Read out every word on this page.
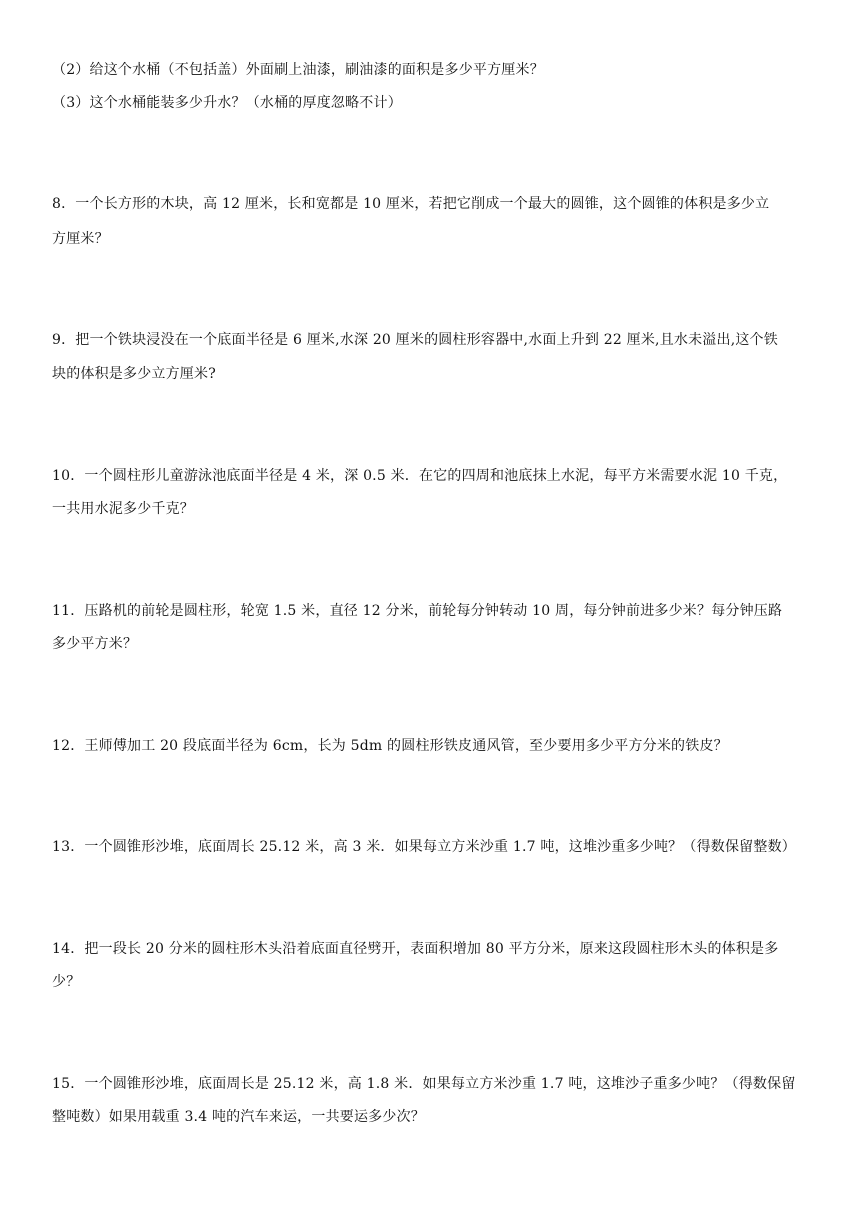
（2）给这个水桶（不包括盖）外面刷上油漆，刷油漆的面积是多少平方厘米？
（3）这个水桶能装多少升水？（水桶的厚度忽略不计）
8．一个长方形的木块，高 12 厘米，长和宽都是 10 厘米，若把它削成一个最大的圆锥，这个圆锥的体积是多少立
方厘米？
9．把一个铁块浸没在一个底面半径是 6 厘米,水深 20 厘米的圆柱形容器中,水面上升到 22 厘米,且水未溢出,这个铁
块的体积是多少立方厘米?
10．一个圆柱形儿童游泳池底面半径是 4 米，深 0.5 米．在它的四周和池底抹上水泥，每平方米需要水泥 10 千克，
一共用水泥多少千克？
11．压路机的前轮是圆柱形，轮宽 1.5 米，直径 12 分米，前轮每分钟转动 10 周，每分钟前进多少米？每分钟压路
多少平方米？
12．王师傅加工 20 段底面半径为 6cm，长为 5dm 的圆柱形铁皮通风管，至少要用多少平方分米的铁皮？
13．一个圆锥形沙堆，底面周长 25.12 米，高 3 米．如果每立方米沙重 1.7 吨，这堆沙重多少吨？（得数保留整数）
14．把一段长 20 分米的圆柱形木头沿着底面直径劈开，表面积增加 80 平方分米，原来这段圆柱形木头的体积是多
少？
15．一个圆锥形沙堆，底面周长是 25.12 米，高 1.8 米．如果每立方米沙重 1.7 吨，这堆沙子重多少吨？（得数保留
整吨数）如果用载重 3.4 吨的汽车来运，一共要运多少次？
